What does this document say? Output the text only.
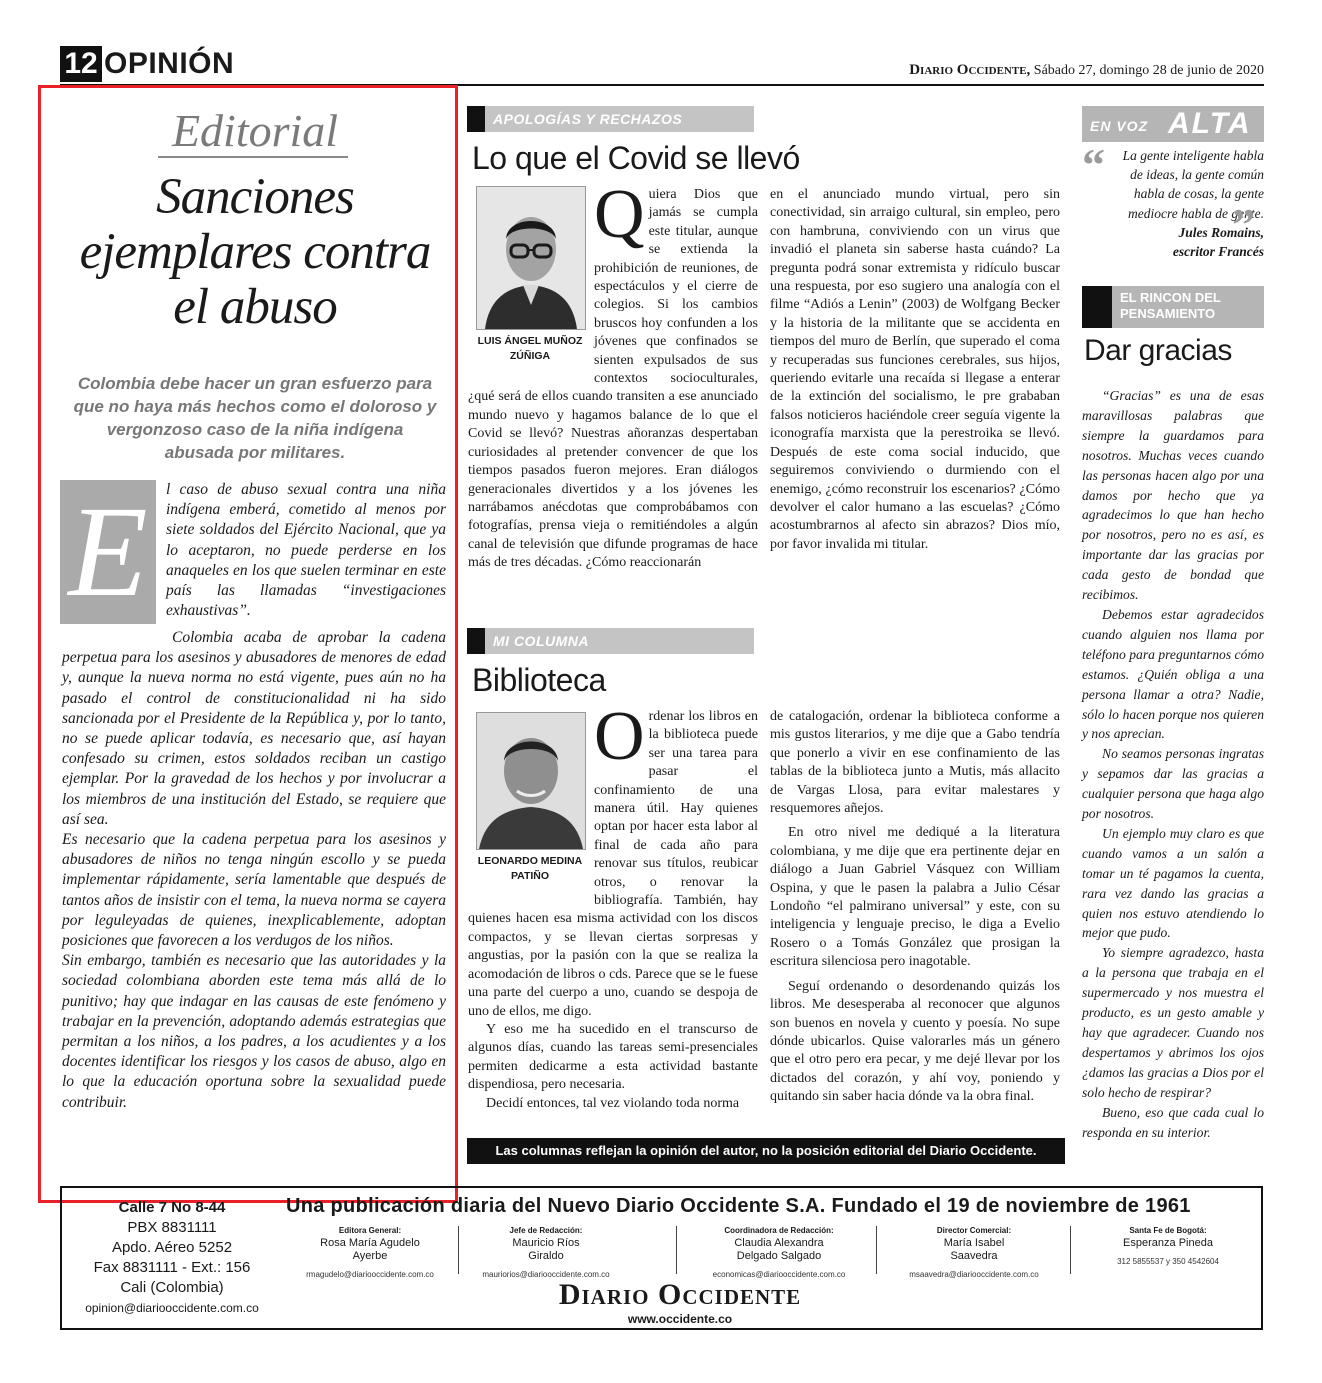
12 OPINIÓN	Diario Occidente, Sábado 27, domingo 28 de junio de 2020
Editorial
Sanciones ejemplares contra el abuso
Colombia debe hacer un gran esfuerzo para que no haya más hechos como el doloroso y vergonzoso caso de la niña indígena abusada por militares.
E	l caso de abuso sexual contra una niña indígena emberá, cometido al menos por siete soldados del Ejército Nacional, que ya lo aceptaron, no puede perderse en los anaqueles en los que suelen terminar en este país las llamadas “investigaciones exhaustivas”.

Colombia acaba de aprobar la cadena perpetua para los asesinos y abusadores de menores de edad y, aunque la nueva norma no está vigente, pues aún no ha pasado el control de constitucionalidad ni ha sido sancionada por el Presidente de la República y, por lo tanto, no se puede aplicar todavía, es necesario que, así hayan confesado su crimen, estos soldados reciban un castigo ejemplar. Por la gravedad de los hechos y por involucrar a los miembros de una institución del Estado, se requiere que así sea.

Es necesario que la cadena perpetua para los asesinos y abusadores de niños no tenga ningún escollo y se pueda implementar rápidamente, sería lamentable que después de tantos años de insistir con el tema, la nueva norma se cayera por leguleyadas de quienes, inexplicablemente, adoptan posiciones que favorecen a los verdugos de los niños.

Sin embargo, también es necesario que las autoridades y la sociedad colombiana aborden este tema más allá de lo punitivo; hay que indagar en las causas de este fenómeno y trabajar en la prevención, adoptando además estrategias que permitan a los niños, a los padres, a los acudientes y a los docentes identificar los riesgos y los casos de abuso, algo en lo que la educación oportuna sobre la sexualidad puede contribuir.

APOLOGÍAS Y RECHAZOS
Lo que el Covid se llevó
LUIS ÁNGEL MUÑOZ ZÚÑIGA
Quiera Dios que jamás se cumpla este titular, aunque se extienda la prohibición de reuniones, de espectáculos y el cierre de colegios. Si los cambios bruscos hoy confunden a los jóvenes que confinados se sienten expulsados de sus contextos socioculturales, ¿qué será de ellos cuando transiten a ese anunciado mundo nuevo y hagamos balance de lo que el Covid se llevó? Nuestras añoranzas despertaban curiosidades al pretender convencer de que los tiempos pasados fueron mejores. Eran diálogos generacionales divertidos y a los jóvenes les narrábamos anécdotas que comprobábamos con fotografías, prensa vieja o remitiéndoles a algún canal de televisión que difunde programas de hace más de tres décadas. ¿Cómo reaccionarán
en el anunciado mundo virtual, pero sin conectividad, sin arraigo cultural, sin empleo, pero con hambruna, conviviendo con un virus que invadió el planeta sin saberse hasta cuándo? La pregunta podrá sonar extremista y ridículo buscar una respuesta, por eso sugiero una analogía con el filme “Adiós a Lenin” (2003) de Wolfgang Becker y la historia de la militante que se accidenta en tiempos del muro de Berlín, que superado el coma y recuperadas sus funciones cerebrales, sus hijos, queriendo evitarle una recaída si llegase a enterar de la extinción del socialismo, le pre grababan falsos noticieros haciéndole creer seguía vigente la iconografía marxista que la perestroika se llevó. Después de este coma social inducido, que seguiremos conviviendo o durmiendo con el enemigo, ¿cómo reconstruir los escenarios? ¿Cómo devolver el calor humano a las escuelas? ¿Cómo acostumbrarnos al afecto sin abrazos? Dios mío, por favor invalida mi titular.
MI COLUMNA
Biblioteca
LEONARDO MEDINA PATIÑO
Ordenar los libros en la biblioteca puede ser una tarea para pasar el confinamiento de una manera útil. Hay quienes optan por hacer esta labor al final de cada año para renovar sus títulos, reubicar otros, o renovar la bibliografía. También, hay quienes hacen esa misma actividad con los discos compactos, y se llevan ciertas sorpresas y angustias, por la pasión con la que se realiza la acomodación de libros o cds. Parece que se le fuese una parte del cuerpo a uno, cuando se despoja de uno de ellos, me digo.

Y eso me ha sucedido en el transcurso de algunos días, cuando las tareas semi-presenciales permiten dedicarme a esta actividad bastante dispendiosa, pero necesaria.

Decidí entonces, tal vez violando toda norma

de catalogación, ordenar la biblioteca conforme a mis gustos literarios, y me dije que a Gabo tendría que ponerlo a vivir en ese confinamiento de las tablas de la biblioteca junto a Mutis, más allacito de Vargas Llosa, para evitar malestares y resquemores añejos.

En otro nivel me dediqué a la literatura colombiana, y me dije que era pertinente dejar en diálogo a Juan Gabriel Vásquez con William Ospina, y que le pasen la palabra a Julio César Londoño “el palmirano universal” y este, con su inteligencia y lenguaje preciso, le diga a Evelio Rosero o a Tomás González que prosigan la escritura silenciosa pero inagotable.

Seguí ordenando o desordenando quizás los libros. Me desesperaba al reconocer que algunos son buenos en novela y cuento y poesía. No supe dónde ubicarlos. Quise valorarles más un género que el otro pero era pecar, y me dejé llevar por los dictados del corazón, y ahí voy, poniendo y quitando sin saber hacia dónde va la obra final.

EN VOZ ALTA
“
”
La gente inteligente habla de ideas, la gente común habla de cosas, la gente mediocre habla de gente.
Jules Romains,
escritor Francés
EL RINCON DEL PENSAMIENTO
Dar gracias

“Gracias” es una de esas maravillosas palabras que siempre la guardamos para nosotros. Muchas veces cuando las personas hacen algo por una damos por hecho que ya agradecimos lo que han hecho por nosotros, pero no es así, es importante dar las gracias por cada gesto de bondad que recibimos.

Debemos estar agradecidos cuando alguien nos llama por teléfono para preguntarnos cómo estamos. ¿Quién obliga a una persona llamar a otra? Nadie, sólo lo hacen porque nos quieren y nos aprecian.

No seamos personas ingratas y sepamos dar las gracias a cualquier persona que haga algo por nosotros.

Un ejemplo muy claro es que cuando vamos a un salón a tomar un té pagamos la cuenta, rara vez dando las gracias a quien nos estuvo atendiendo lo mejor que pudo.

Yo siempre agradezco, hasta a la persona que trabaja en el supermercado y nos muestra el producto, es un gesto amable y hay que agradecer. Cuando nos despertamos y abrimos los ojos ¿damos las gracias a Dios por el solo hecho de respirar?

Bueno, eso que cada cual lo responda en su interior.

Las columnas reflejan la opinión del autor, no la posición editorial del Diario Occidente.
Calle 7 No 8-44
PBX 8831111
Apdo. Aéreo 5252
Fax 8831111 - Ext.: 156
Cali (Colombia)
opinion@diariooccidente.com.co
Una publicación diaria del Nuevo Diario Occidente S.A. Fundado el 19 de noviembre de 1961
Editora General:
Rosa María Agudelo Ayerbe
rmagudelo@diariooccidente.com.co
Jefe de Redacción:
Mauricio Ríos Giraldo
mauriorios@diariooccidente.com.co
Coordinadora de Redacción:
Claudia Alexandra Delgado Salgado
economicas@diariooccidente.com.co
Director Comercial:
María Isabel Saavedra
msaavedra@diariooccidente.com.co
Santa Fe de Bogotá:
Esperanza Pineda
312 5855537 y 350 4542604
Diario Occidente
www.occidente.co
